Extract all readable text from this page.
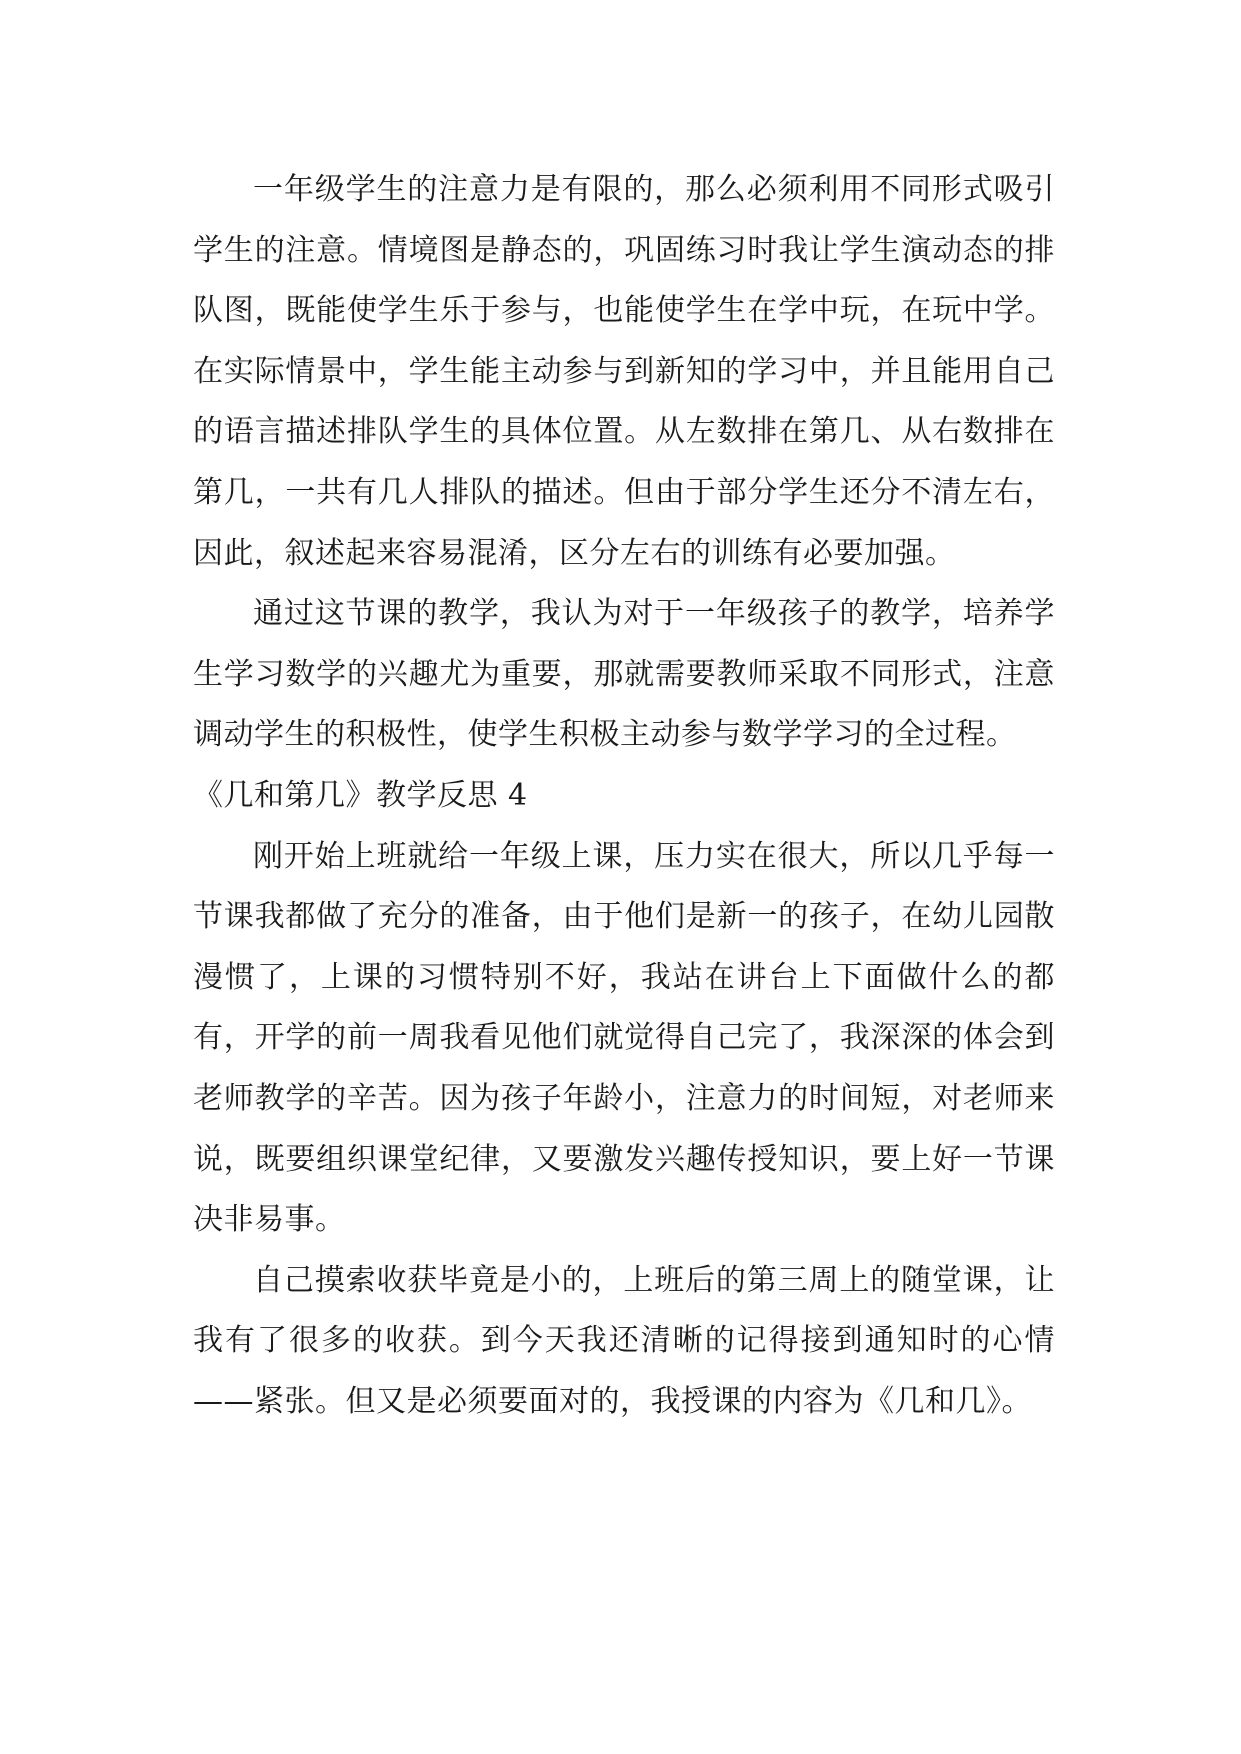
一年级学生的注意力是有限的，那么必须利用不同形式吸引学生的注意。情境图是静态的，巩固练习时我让学生演动态的排队图，既能使学生乐于参与，也能使学生在学中玩，在玩中学。在实际情景中，学生能主动参与到新知的学习中，并且能用自己的语言描述排队学生的具体位置。从左数排在第几、从右数排在第几，一共有几人排队的描述。但由于部分学生还分不清左右，因此，叙述起来容易混淆，区分左右的训练有必要加强。

通过这节课的教学，我认为对于一年级孩子的教学，培养学生学习数学的兴趣尤为重要，那就需要教师采取不同形式，注意调动学生的积极性，使学生积极主动参与数学学习的全过程。

《几和第几》教学反思 4

刚开始上班就给一年级上课，压力实在很大，所以几乎每一节课我都做了充分的准备，由于他们是新一的孩子，在幼儿园散漫惯了，上课的习惯特别不好，我站在讲台上下面做什么的都有，开学的前一周我看见他们就觉得自己完了，我深深的体会到老师教学的辛苦。因为孩子年龄小，注意力的时间短，对老师来说，既要组织课堂纪律，又要激发兴趣传授知识，要上好一节课决非易事。

自己摸索收获毕竟是小的，上班后的第三周上的随堂课，让我有了很多的收获。到今天我还清晰的记得接到通知时的心情——紧张。但又是必须要面对的，我授课的内容为《几和几》。
